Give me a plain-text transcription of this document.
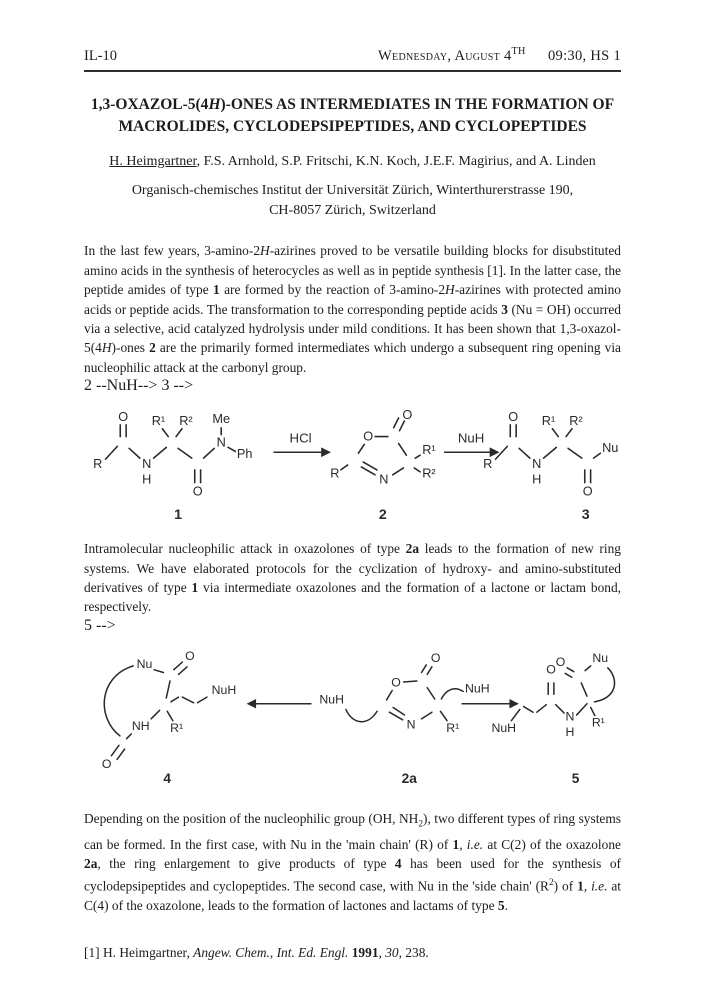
IL-10	Wednesday, August 4TH  09:30, HS 1
1,3-OXAZOL-5(4H)-ONES AS INTERMEDIATES IN THE FORMATION OF MACROLIDES, CYCLODEPSIPEPTIDES, AND CYCLOPEPTIDES
H. Heimgartner, F.S. Arnhold, S.P. Fritschi, K.N. Koch, J.E.F. Magirius, and A. Linden
Organisch-chemisches Institut der Universität Zürich, Winterthurerstrasse 190,
CH-8057 Zürich, Switzerland
In the last few years, 3-amino-2H-azirines proved to be versatile building blocks for disubstituted amino acids in the synthesis of heterocycles as well as in peptide synthesis [1]. In the latter case, the peptide amides of type 1 are formed by the reaction of 3-amino-2H-azirines with protected amino acids or peptide acids. The transformation to the corresponding peptide acids 3 (Nu = OH) occurred via a selective, acid catalyzed hydrolysis under mild conditions. It has been shown that 1,3-oxazol-5(4H)-ones 2 are the primarily formed intermediates which undergo a subsequent ring opening via nucleophilic attack at the carbonyl group.
2 --NuH--> 3 -->
R
O
N
H
R¹ R²
O
N
Me
Ph
1
HCl	O
N
O
R¹
R²
R
2
NuH
R
O
N
H
R¹ R²
O
Nu
3
Intramolecular nucleophilic attack in oxazolones of type 2a leads to the formation of new ring systems. We have elaborated protocols for the cyclization of hydroxy- and amino-substituted derivatives of type 1 via intermediate oxazolones and the formation of a lactone or lactam bond, respectively.
5 -->
Nu
O
NuH
R¹
NH
O
4
NuH
O
O
NuH
N R¹
2a
O
NuH
N
H
R¹
O Nu
5
Depending on the position of the nucleophilic group (OH, $NH_2$), two different types of ring systems can be formed. In the first case, with Nu in the 'main chain' (R) of 1, i.e. at C(2) of the oxazolone 2a, the ring enlargement to give products of type 4 has been used for the synthesis of cyclodepsipeptides and cyclopeptides. The second case, with Nu in the 'side chain' $(R^2)$ of 1, i.e. at C(4) of the oxazolone, leads to the formation of lactones and lactams of type 5.
[1] H. Heimgartner, Angew. Chem., Int. Ed. Engl. 1991, 30, 238.
